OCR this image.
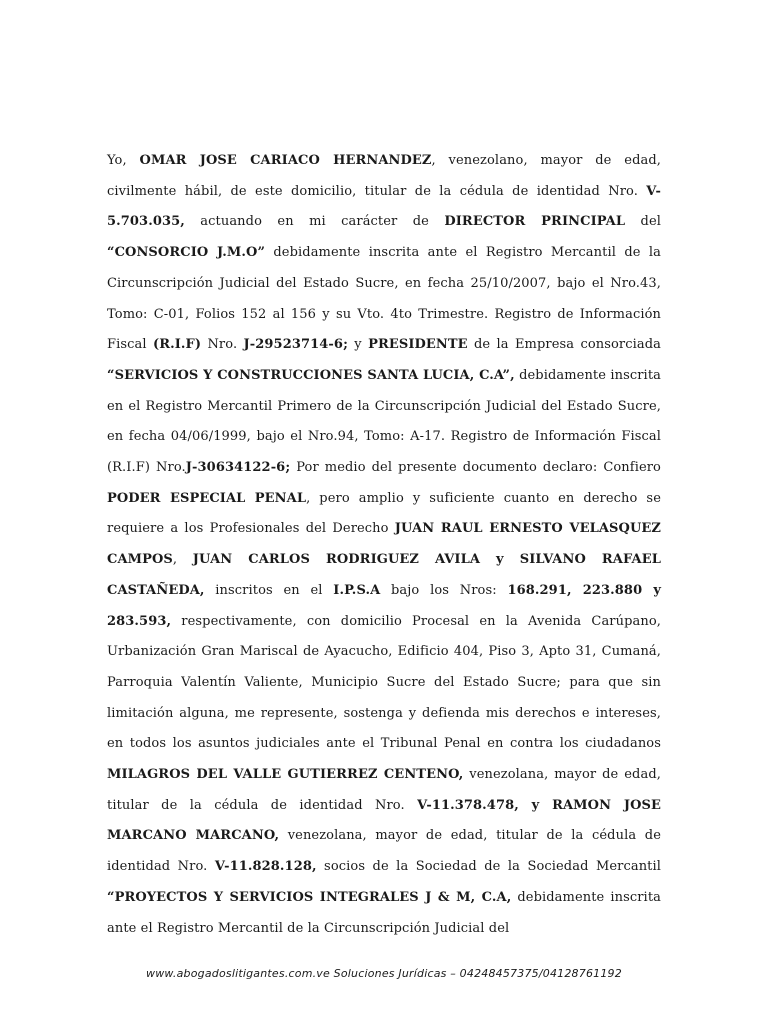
Yo, OMAR JOSE CARIACO HERNANDEZ, venezolano, mayor de edad, civilmente hábil, de este domicilio, titular de la cédula de identidad Nro. V-5.703.035, actuando en mi carácter de DIRECTOR PRINCIPAL del “CONSORCIO J.M.O” debidamente inscrita ante el Registro Mercantil de la Circunscripción Judicial del Estado Sucre, en fecha 25/10/2007, bajo el Nro.43, Tomo: C-01, Folios 152 al 156 y su Vto. 4to Trimestre. Registro de Información Fiscal (R.I.F) Nro. J-29523714-6; y PRESIDENTE de la Empresa consorciada “SERVICIOS Y CONSTRUCCIONES SANTA LUCIA, C.A”, debidamente inscrita en el Registro Mercantil Primero de la Circunscripción Judicial del Estado Sucre, en fecha 04/06/1999, bajo el Nro.94, Tomo: A-17. Registro de Información Fiscal (R.I.F) Nro.J-30634122-6; Por medio del presente documento declaro: Confiero PODER ESPECIAL PENAL, pero amplio y suficiente cuanto en derecho se requiere a los Profesionales del Derecho JUAN RAUL ERNESTO VELASQUEZ CAMPOS, JUAN CARLOS RODRIGUEZ AVILA y SILVANO RAFAEL CASTAÑEDA, inscritos en el I.P.S.A bajo los Nros: 168.291, 223.880 y 283.593, respectivamente, con domicilio Procesal en la Avenida Carúpano, Urbanización Gran Mariscal de Ayacucho, Edificio 404, Piso 3, Apto 31, Cumaná, Parroquia Valentín Valiente, Municipio Sucre del Estado Sucre; para que sin limitación alguna, me represente, sostenga y defienda mis derechos e intereses, en todos los asuntos judiciales ante el Tribunal Penal en contra los ciudadanos MILAGROS DEL VALLE GUTIERREZ CENTENO, venezolana, mayor de edad, titular de la cédula de identidad Nro. V-11.378.478, y RAMON JOSE MARCANO MARCANO, venezolana, mayor de edad, titular de la cédula de identidad Nro. V-11.828.128, socios de la Sociedad de la Sociedad Mercantil “PROYECTOS Y SERVICIOS INTEGRALES J & M, C.A, debidamente inscrita ante el Registro Mercantil de la Circunscripción Judicial del

www.abogadoslitigantes.com.ve Soluciones Jurídicas – 04248457375/04128761192
